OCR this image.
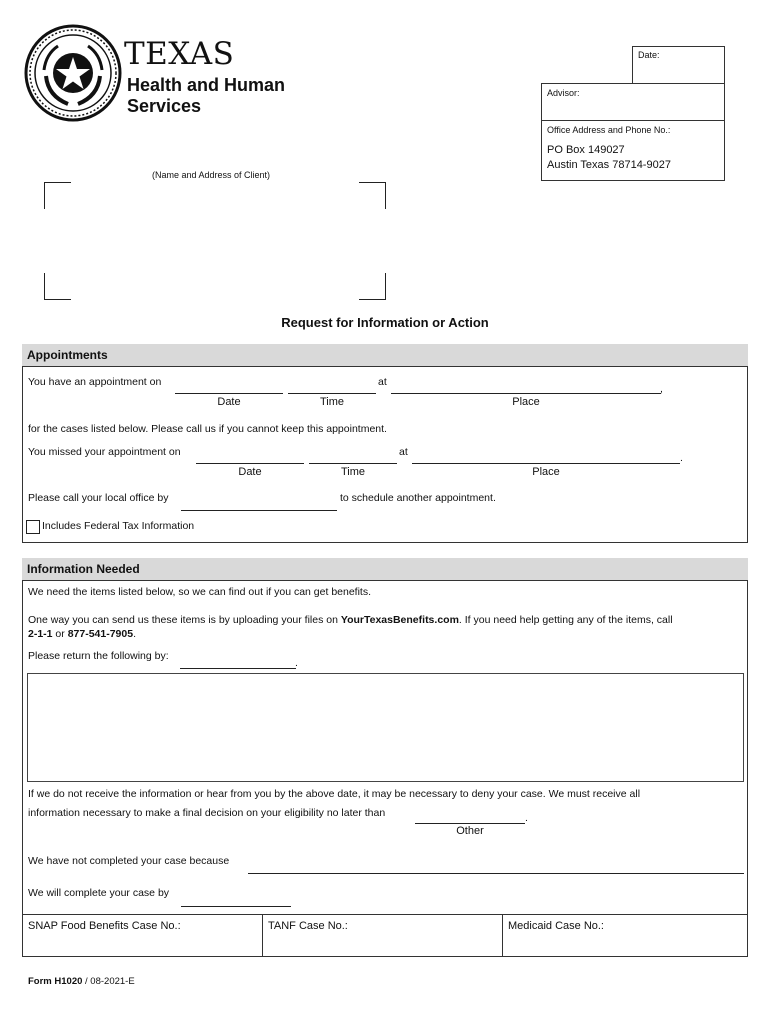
TEXAS
Health and Human
Services
Date:
Advisor:
Office Address and Phone No.:
PO Box 149027
Austin Texas 78714-9027
(Name and Address of Client)
Request for Information or Action
Appointments
You have an appointment on	at
,
Date	Time	Place
for the cases listed below. Please call us if you cannot keep this appointment.
You missed your appointment on	at	.
Date	Time	Place
Please call your local office by	to schedule another appointment.
Includes Federal Tax Information
Information Needed
We need the items listed below, so we can find out if you can get benefits.
One way you can send us these items is by uploading your files on YourTexasBenefits.com. If you need help getting any of the items, call
2-1-1 or 877-541-7905.
Please return the following by:
.
If we do not receive the information or hear from you by the above date, it may be necessary to deny your case. We must receive all
information necessary to make a final decision on your eligibility no later than	.
Other
We have not completed your case because
We will complete your case by
SNAP Food Benefits Case No.:	TANF Case No.:	Medicaid Case No.:
Form H1020 / 08-2021-E
